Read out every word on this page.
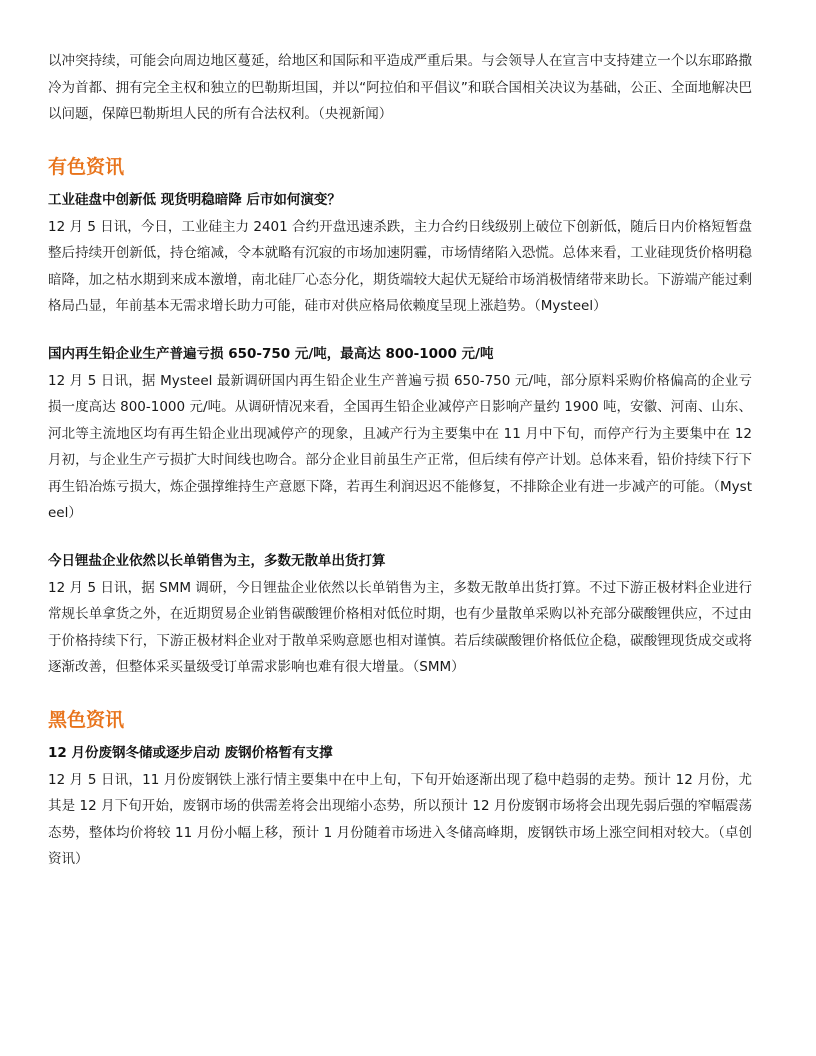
以冲突持续，可能会向周边地区蔓延，给地区和国际和平造成严重后果。与会领导人在宣言中支持建立一个以东耶路撒冷为首都、拥有完全主权和独立的巴勒斯坦国，并以“阿拉伯和平倡议”和联合国相关决议为基础，公正、全面地解决巴以问题，保障巴勒斯坦人民的所有合法权利。（央视新闻）

有色资讯
工业硅盘中创新低 现货明稳暗降 后市如何演变？

12 月 5 日讯，今日，工业硅主力 2401 合约开盘迅速杀跌，主力合约日线级别上破位下创新低，随后日内价格短暂盘整后持续开创新低，持仓缩减，令本就略有沉寂的市场加速阴霾，市场情绪陷入恐慌。总体来看，工业硅现货价格明稳暗降，加之枯水期到来成本激增，南北硅厂心态分化，期货端较大起伏无疑给市场消极情绪带来助长。下游端产能过剩格局凸显，年前基本无需求增长助力可能，硅市对供应格局依赖度呈现上涨趋势。（Mysteel）

国内再生铅企业生产普遍亏损 650-750 元/吨，最高达 800-1000 元/吨

12 月 5 日讯，据 Mysteel 最新调研国内再生铅企业生产普遍亏损 650-750 元/吨，部分原料采购价格偏高的企业亏损一度高达 800-1000 元/吨。从调研情况来看，全国再生铅企业减停产日影响产量约 1900 吨，安徽、河南、山东、河北等主流地区均有再生铅企业出现减停产的现象，且减产行为主要集中在 11 月中下旬，而停产行为主要集中在 12 月初，与企业生产亏损扩大时间线也吻合。部分企业目前虽生产正常，但后续有停产计划。总体来看，铅价持续下行下再生铅冶炼亏损大，炼企强撑维持生产意愿下降，若再生利润迟迟不能修复，不排除企业有进一步减产的可能。（Mysteel）

今日锂盐企业依然以长单销售为主，多数无散单出货打算

12 月 5 日讯，据 SMM 调研，今日锂盐企业依然以长单销售为主，多数无散单出货打算。不过下游正极材料企业进行常规长单拿货之外，在近期贸易企业销售碳酸锂价格相对低位时期，也有少量散单采购以补充部分碳酸锂供应，不过由于价格持续下行，下游正极材料企业对于散单采购意愿也相对谨慎。若后续碳酸锂价格低位企稳，碳酸锂现货成交或将逐渐改善，但整体采买量级受订单需求影响也难有很大增量。（SMM）

黑色资讯
12 月份废钢冬储或逐步启动 废钢价格暂有支撑

12 月 5 日讯，11 月份废钢铁上涨行情主要集中在中上旬，下旬开始逐渐出现了稳中趋弱的走势。预计 12 月份，尤其是 12 月下旬开始，废钢市场的供需差将会出现缩小态势，所以预计 12 月份废钢市场将会出现先弱后强的窄幅震荡态势，整体均价将较 11 月份小幅上移，预计 1 月份随着市场进入冬储高峰期，废钢铁市场上涨空间相对较大。（卓创资讯）
